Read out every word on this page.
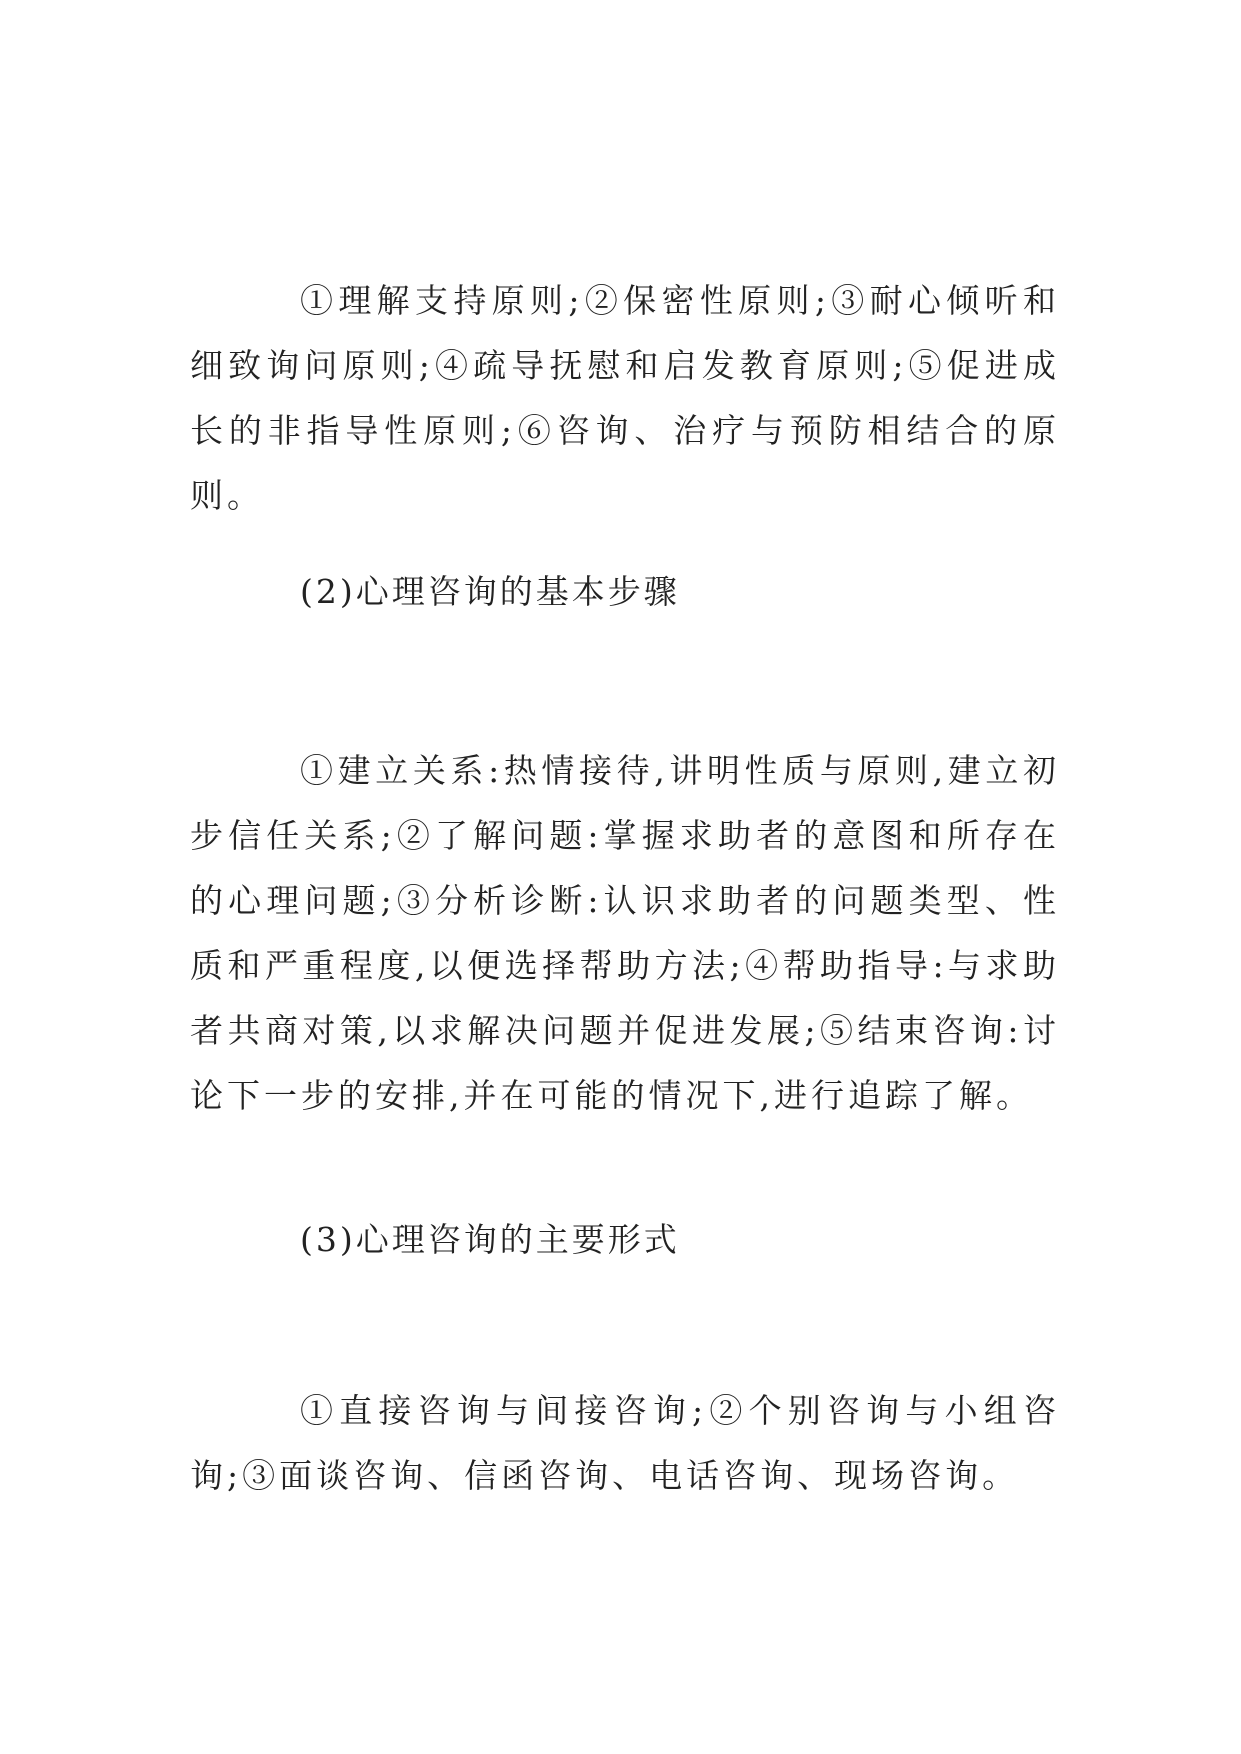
①理解支持原则;②保密性原则;③耐心倾听和细致询问原则;④疏导抚慰和启发教育原则;⑤促进成长的非指导性原则;⑥咨询、治疗与预防相结合的原则。

(2)心理咨询的基本步骤

①建立关系:热情接待,讲明性质与原则,建立初步信任关系;②了解问题:掌握求助者的意图和所存在的心理问题;③分析诊断:认识求助者的问题类型、性质和严重程度,以便选择帮助方法;④帮助指导:与求助者共商对策,以求解决问题并促进发展;⑤结束咨询:讨论下一步的安排,并在可能的情况下,进行追踪了解。

(3)心理咨询的主要形式

①直接咨询与间接咨询;②个别咨询与小组咨询;③面谈咨询、信函咨询、电话咨询、现场咨询。
